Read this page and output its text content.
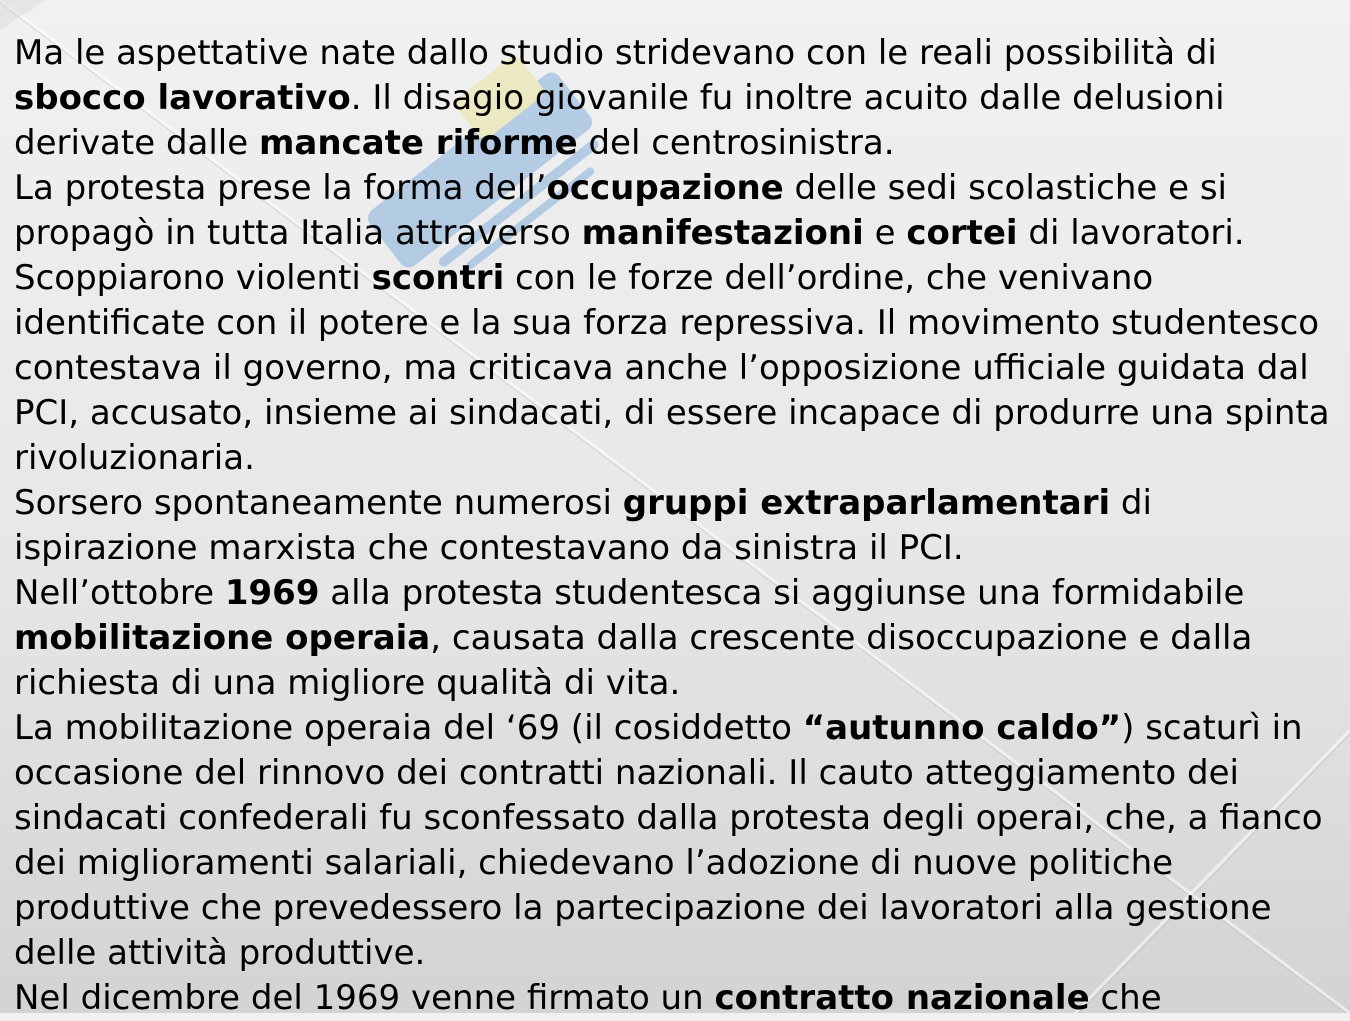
Ma le aspettative nate dallo studio stridevano con le reali possibilità di sbocco lavorativo. Il disagio giovanile fu inoltre acuito dalle delusioni derivate dalle mancate riforme del centrosinistra.

La protesta prese la forma dell’occupazione delle sedi scolastiche e si propagò in tutta Italia attraverso manifestazioni e cortei di lavoratori. Scoppiarono violenti scontri con le forze dell’ordine, che venivano identificate con il potere e la sua forza repressiva. Il movimento studentesco contestava il governo, ma criticava anche l’opposizione ufficiale guidata dal PCI, accusato, insieme ai sindacati, di essere incapace di produrre una spinta rivoluzionaria.

Sorsero spontaneamente numerosi gruppi extraparlamentari di ispirazione marxista che contestavano da sinistra il PCI.

Nell’ottobre 1969 alla protesta studentesca si aggiunse una formidabile mobilitazione operaia, causata dalla crescente disoccupazione e dalla richiesta di una migliore qualità di vita.

La mobilitazione operaia del ‘69 (il cosiddetto “autunno caldo”) scaturì in occasione del rinnovo dei contratti nazionali. Il cauto atteggiamento dei sindacati confederali fu sconfessato dalla protesta degli operai, che, a fianco dei miglioramenti salariali, chiedevano l’adozione di nuove politiche produttive che prevedessero la partecipazione dei lavoratori alla gestione delle attività produttive.

Nel dicembre del 1969 venne firmato un contratto nazionale che
